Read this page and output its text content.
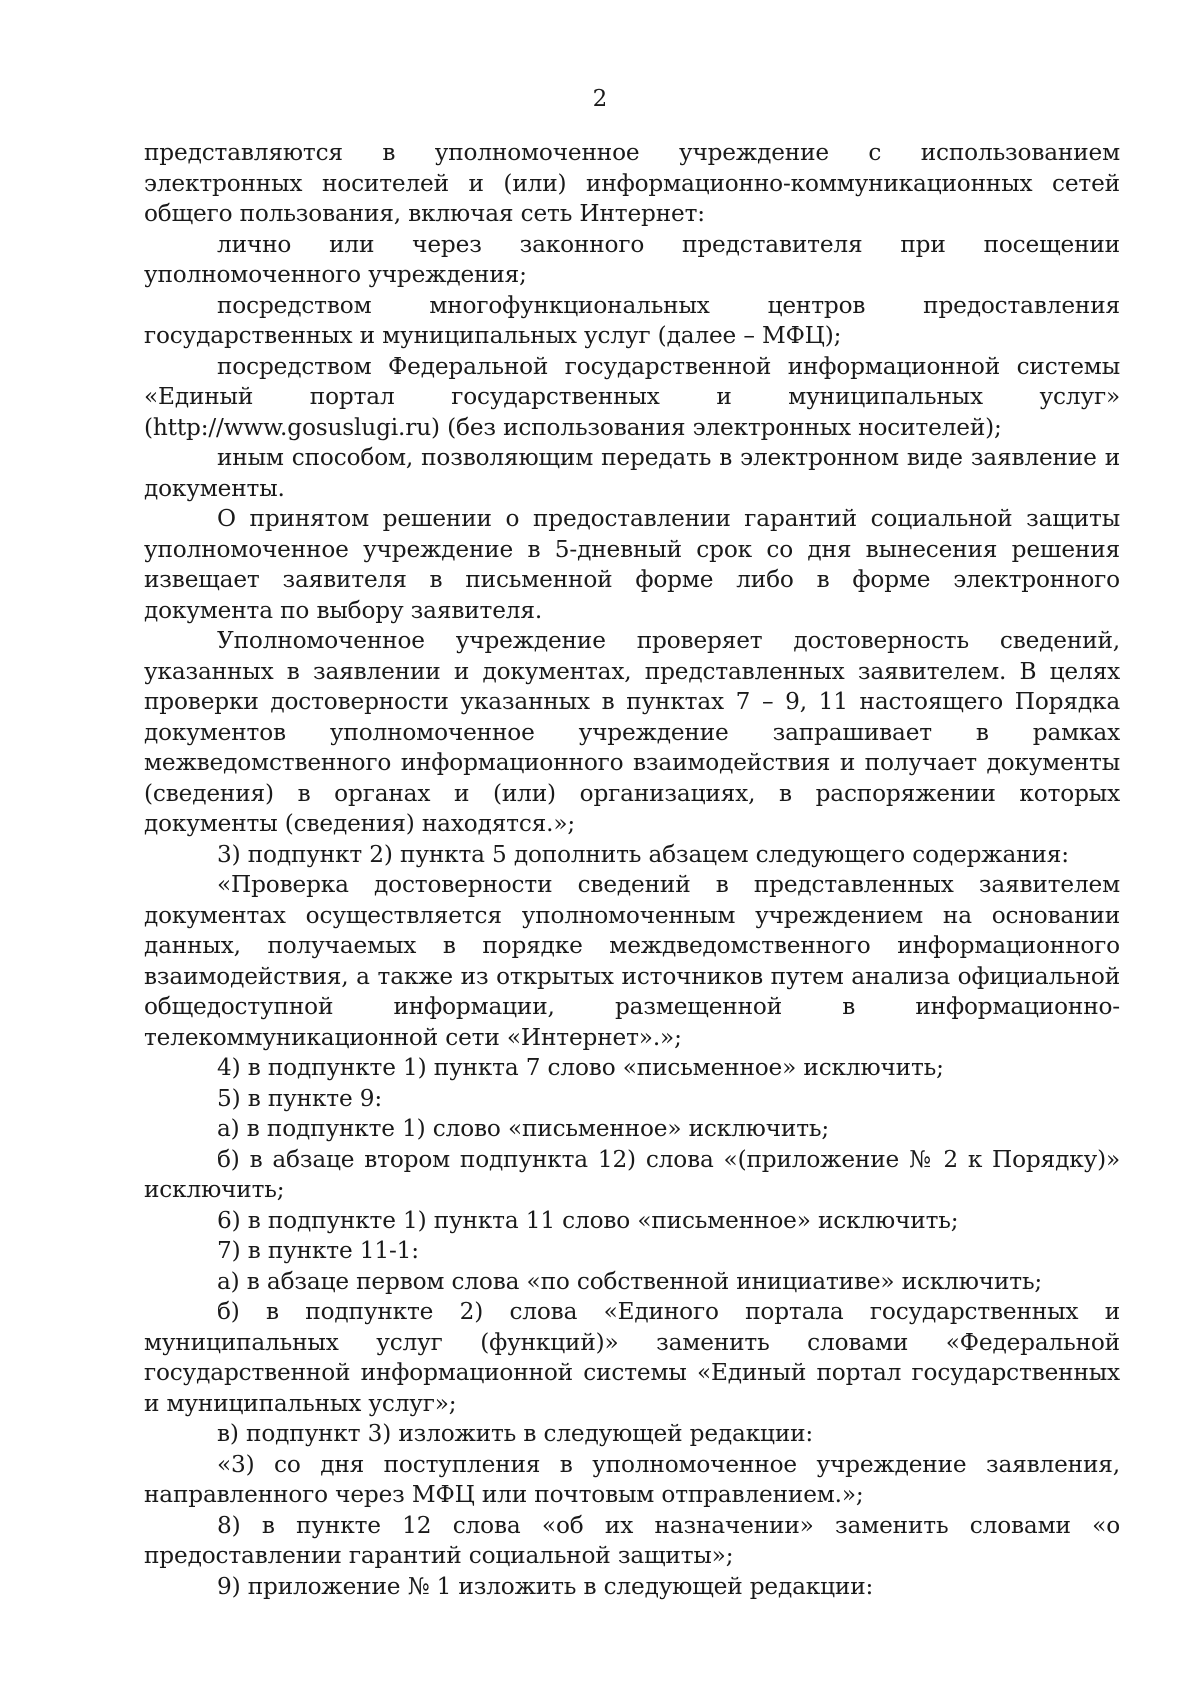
2

представляются в уполномоченное учреждение с использованием электронных носителей и (или) информационно-коммуникационных сетей общего пользования, включая сеть Интернет:

лично или через законного представителя при посещении уполномоченного учреждения;

посредством многофункциональных центров предоставления государственных и муниципальных услуг (далее – МФЦ);

посредством Федеральной государственной информационной системы «Единый портал государственных и муниципальных услуг» (http://www.gosuslugi.ru) (без использования электронных носителей);

иным способом, позволяющим передать в электронном виде заявление и документы.

О принятом решении о предоставлении гарантий социальной защиты уполномоченное учреждение в 5-дневный срок со дня вынесения решения извещает заявителя в письменной форме либо в форме электронного документа по выбору заявителя.

Уполномоченное учреждение проверяет достоверность сведений, указанных в заявлении и документах, представленных заявителем. В целях проверки достоверности указанных в пунктах 7 – 9, 11 настоящего Порядка документов уполномоченное учреждение запрашивает в рамках межведомственного информационного взаимодействия и получает документы (сведения) в органах и (или) организациях, в распоряжении которых документы (сведения) находятся.»;

3) подпункт 2) пункта 5 дополнить абзацем следующего содержания:

«Проверка достоверности сведений в представленных заявителем документах осуществляется уполномоченным учреждением на основании данных, получаемых в порядке междведомственного информационного взаимодействия, а также из открытых источников путем анализа официальной общедоступной информации, размещенной в информационно-телекоммуникационной сети «Интернет».»;

4) в подпункте 1) пункта 7 слово «письменное» исключить;

5) в пункте 9:

а) в подпункте 1) слово «письменное» исключить;

б) в абзаце втором подпункта 12) слова «(приложение № 2 к Порядку)» исключить;

6) в подпункте 1) пункта 11 слово «письменное» исключить;

7) в пункте 11-1:

а) в абзаце первом слова «по собственной инициативе» исключить;

б) в подпункте 2) слова «Единого портала государственных и муниципальных услуг (функций)» заменить словами «Федеральной государственной информационной системы «Единый портал государственных и муниципальных услуг»;

в) подпункт 3) изложить в следующей редакции:

«3) со дня поступления в уполномоченное учреждение заявления, направленного через МФЦ или почтовым отправлением.»;

8) в пункте 12 слова «об их назначении» заменить словами «о предоставлении гарантий социальной защиты»;

9) приложение № 1 изложить в следующей редакции:
